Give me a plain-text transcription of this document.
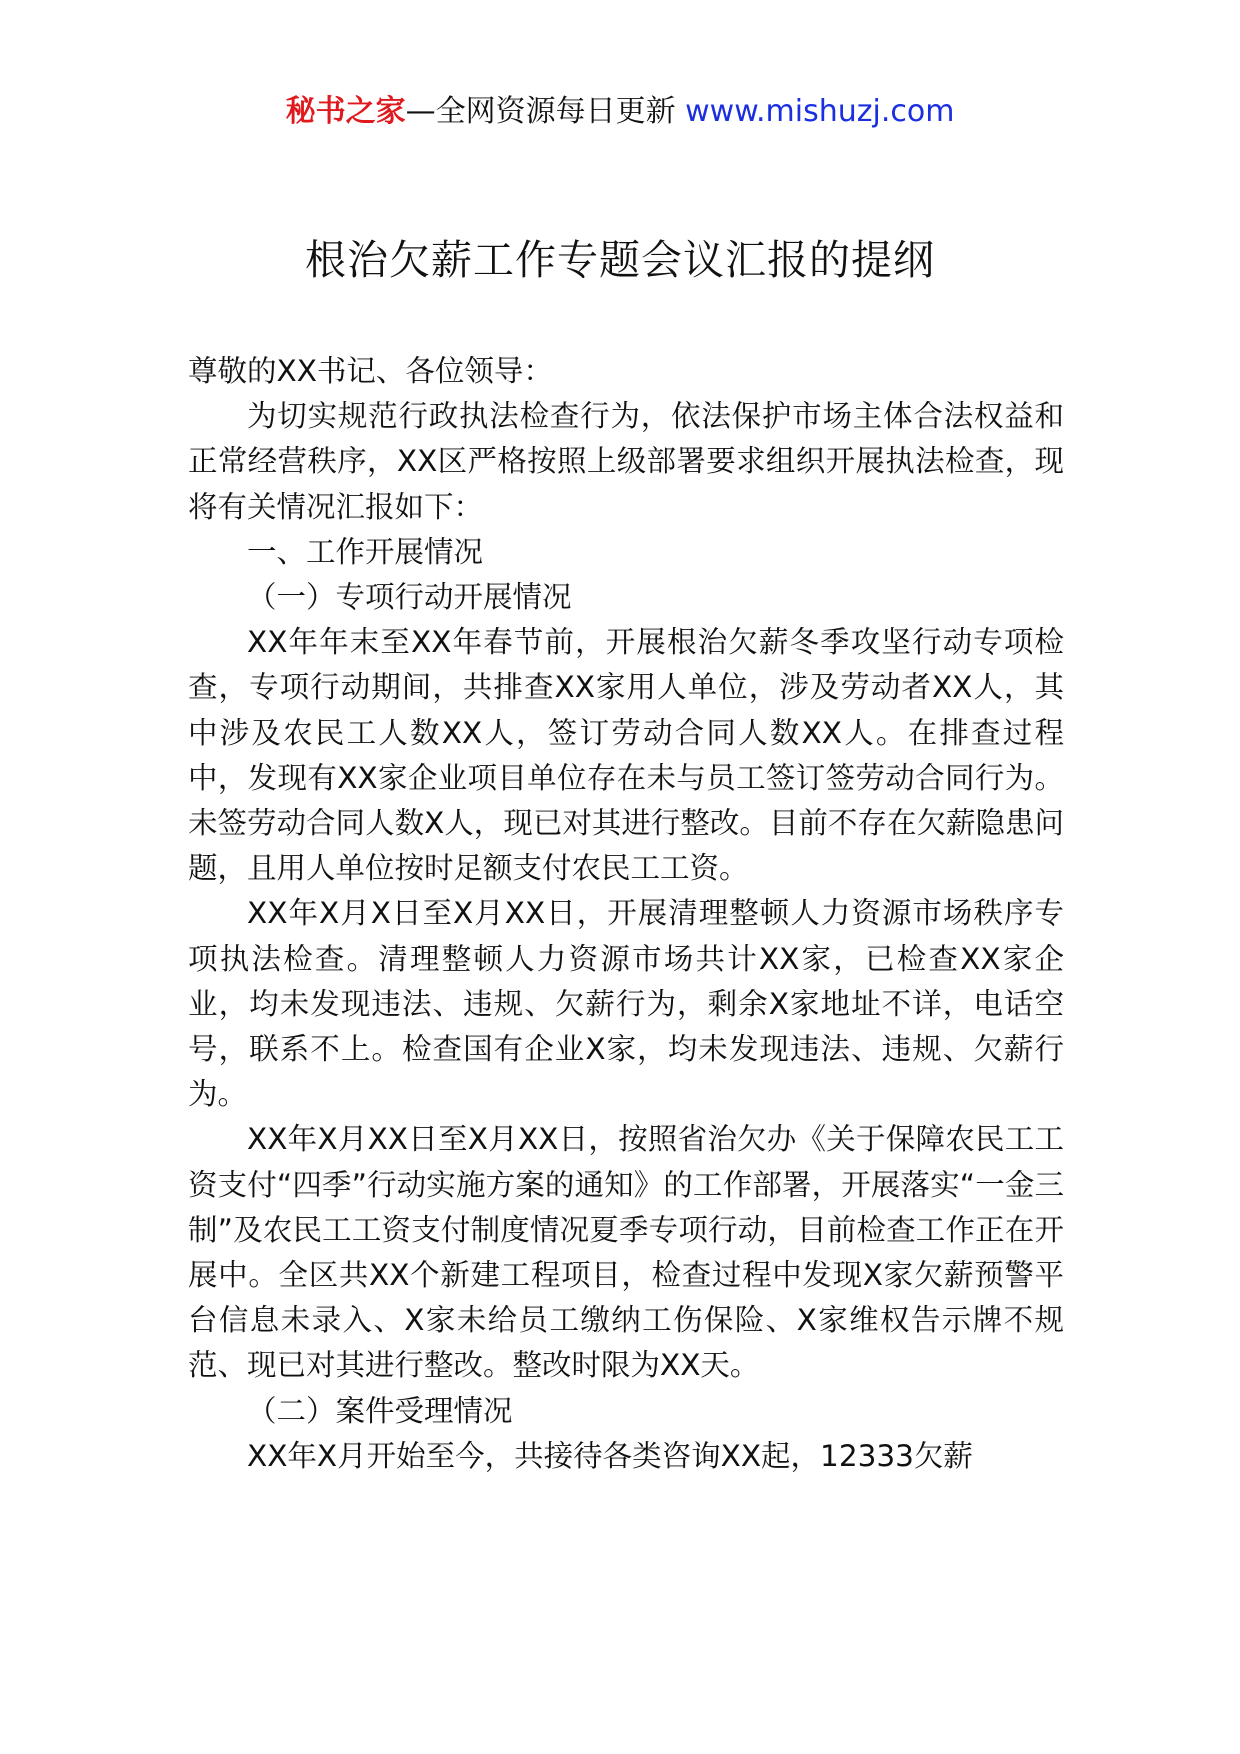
秘书之家—全网资源每日更新 www.mishuzj.com
根治欠薪工作专题会议汇报的提纲

尊敬的XX书记、各位领导：

为切实规范行政执法检查行为，依法保护市场主体合法权益和正常经营秩序，XX区严格按照上级部署要求组织开展执法检查，现将有关情况汇报如下：

一、工作开展情况

（一）专项行动开展情况

XX年年末至XX年春节前，开展根治欠薪冬季攻坚行动专项检查，专项行动期间，共排查XX家用人单位，涉及劳动者XX人，其中涉及农民工人数XX人，签订劳动合同人数XX人。在排查过程中，发现有XX家企业项目单位存在未与员工签订签劳动合同行为。未签劳动合同人数X人，现已对其进行整改。目前不存在欠薪隐患问题，且用人单位按时足额支付农民工工资。

XX年X月X日至X月XX日，开展清理整顿人力资源市场秩序专项执法检查。清理整顿人力资源市场共计XX家，已检查XX家企业，均未发现违法、违规、欠薪行为，剩余X家地址不详，电话空号，联系不上。检查国有企业X家，均未发现违法、违规、欠薪行为。

XX年X月XX日至X月XX日，按照省治欠办《关于保障农民工工资支付“四季”行动实施方案的通知》的工作部署，开展落实“一金三制”及农民工工资支付制度情况夏季专项行动，目前检查工作正在开展中。全区共XX个新建工程项目，检查过程中发现X家欠薪预警平台信息未录入、X家未给员工缴纳工伤保险、X家维权告示牌不规范、现已对其进行整改。整改时限为XX天。

（二）案件受理情况

XX年X月开始至今，共接待各类咨询XX起，12333欠薪
